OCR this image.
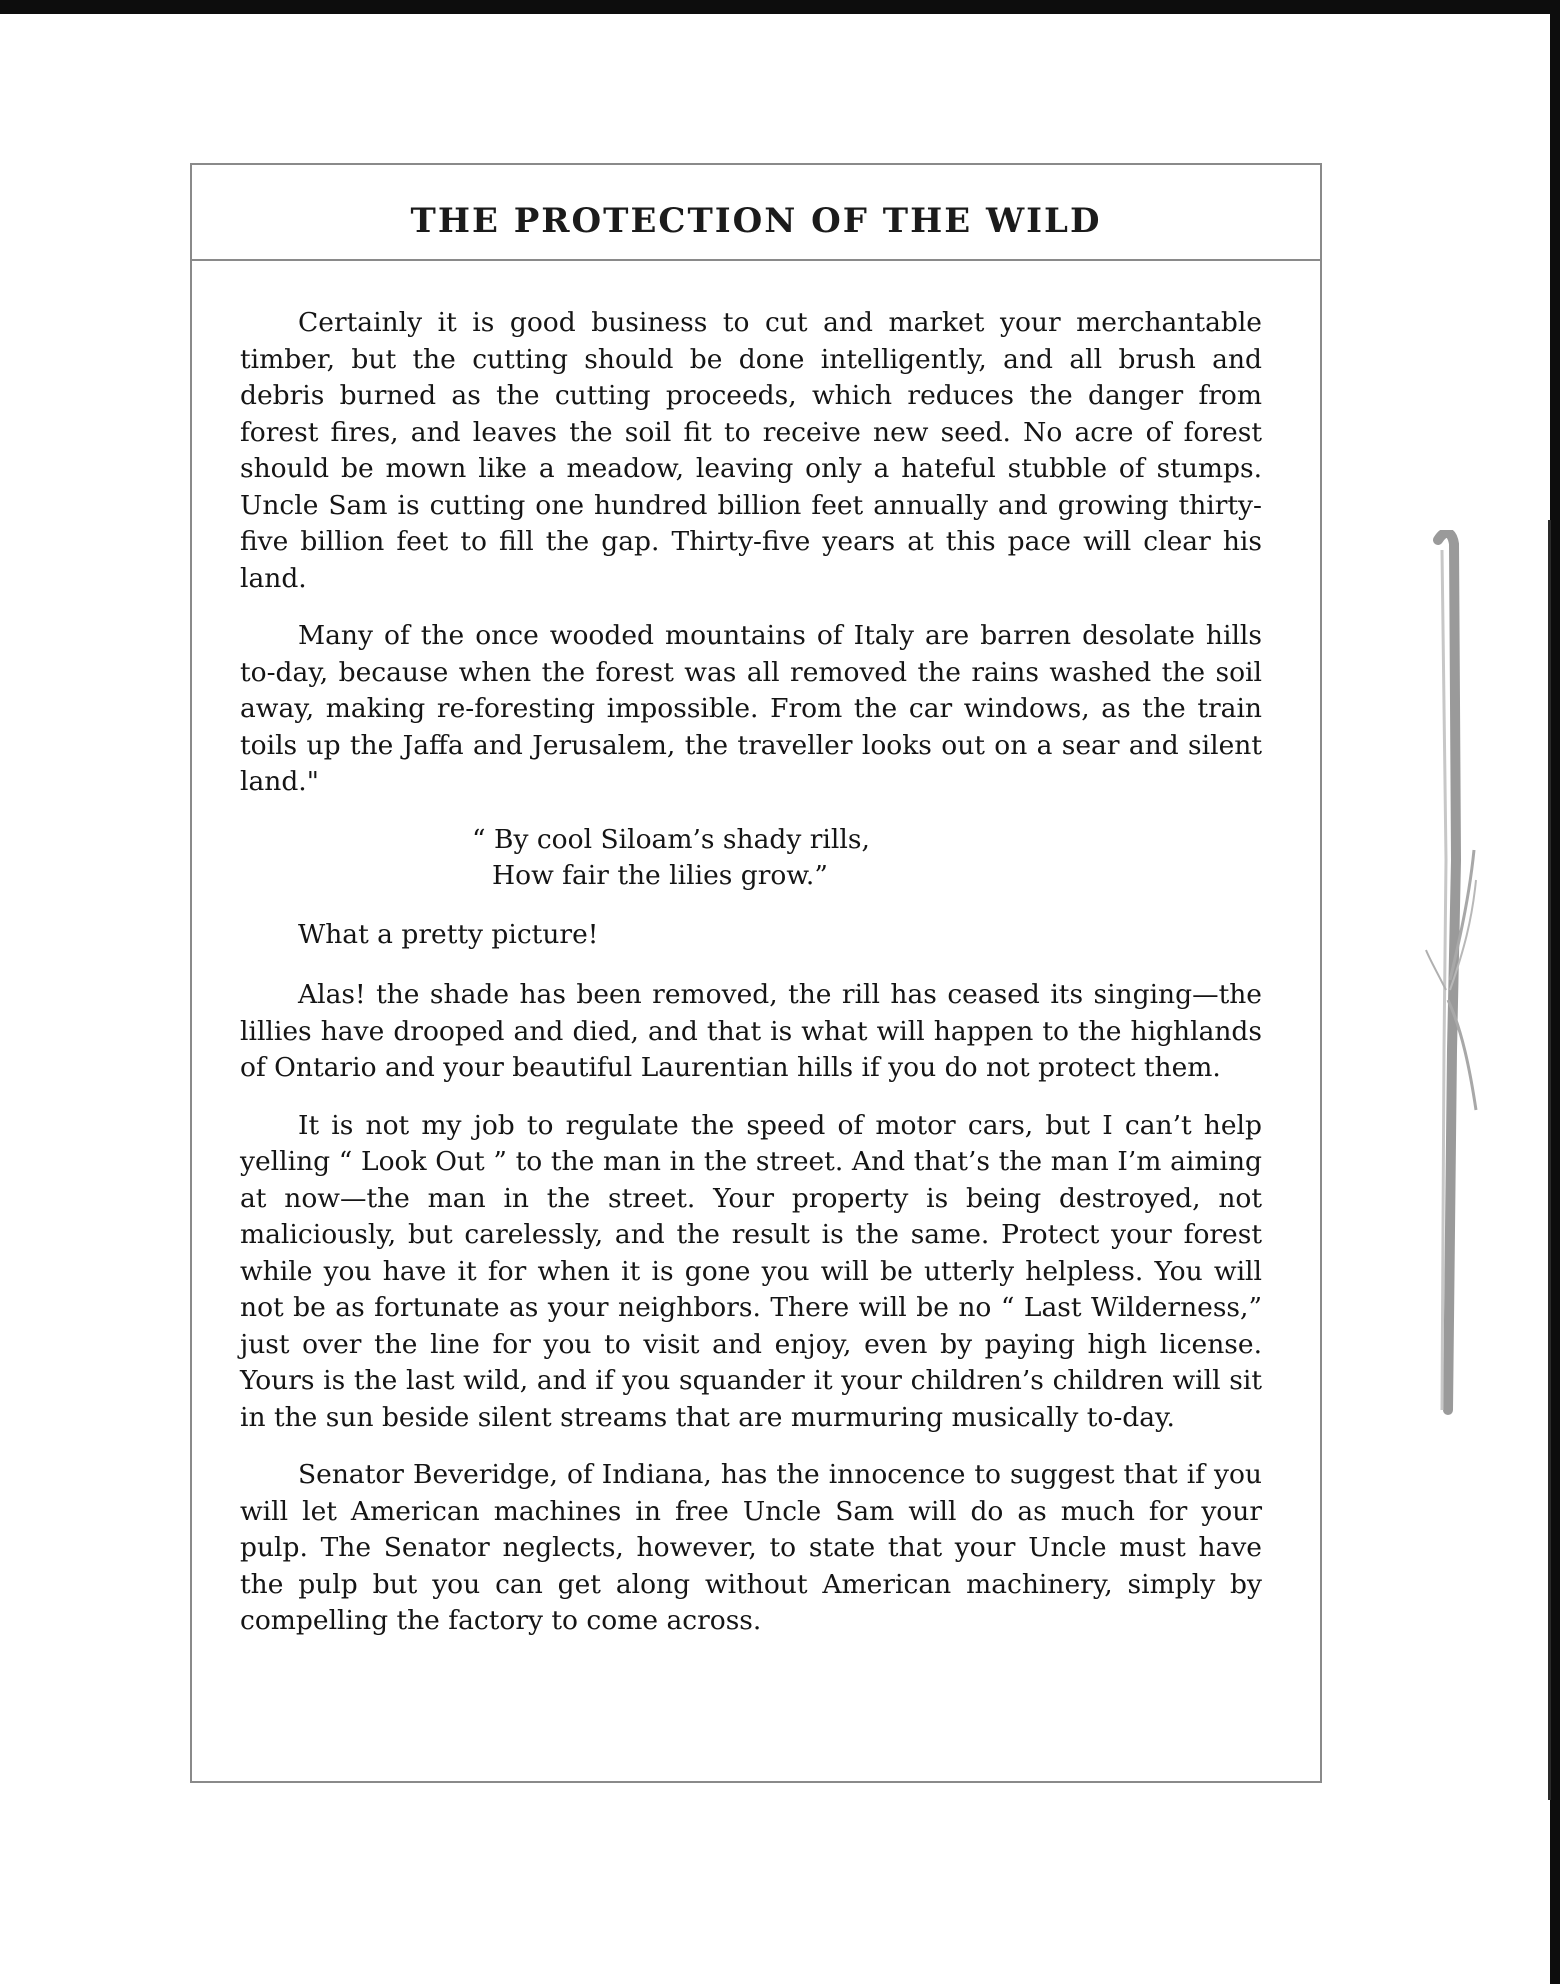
THE PROTECTION OF THE WILD

Certainly it is good business to cut and market your merchantable timber, but the cutting should be done intelligently, and all brush and debris burned as the cutting proceeds, which reduces the danger from forest fires, and leaves the soil fit to receive new seed. No acre of forest should be mown like a meadow, leaving only a hateful stubble of stumps. Uncle Sam is cutting one hundred billion feet annually and growing thirty-five billion feet to fill the gap. Thirty-five years at this pace will clear his land.

Many of the once wooded mountains of Italy are barren desolate hills to-day, because when the forest was all removed the rains washed the soil away, making re-foresting impossible. From the car windows, as the train toils up the Jaffa and Jerusalem, the traveller looks out on a sear and silent land."

“ By cool Siloam’s shady rills,
How fair the lilies grow.”

What a pretty picture!

Alas! the shade has been removed, the rill has ceased its singing—the lillies have drooped and died, and that is what will happen to the highlands of Ontario and your beautiful Laurentian hills if you do not protect them.

It is not my job to regulate the speed of motor cars, but I can’t help yelling “ Look Out ” to the man in the street. And that’s the man I’m aiming at now—the man in the street. Your property is being destroyed, not maliciously, but carelessly, and the result is the same. Protect your forest while you have it for when it is gone you will be utterly helpless. You will not be as fortunate as your neighbors. There will be no “ Last Wilderness,” just over the line for you to visit and enjoy, even by paying high license. Yours is the last wild, and if you squander it your children’s children will sit in the sun beside silent streams that are murmuring musically to-day.

Senator Beveridge, of Indiana, has the innocence to suggest that if you will let American machines in free Uncle Sam will do as much for your pulp. The Senator neglects, however, to state that your Uncle must have the pulp but you can get along without American machinery, simply by compelling the factory to come across.
